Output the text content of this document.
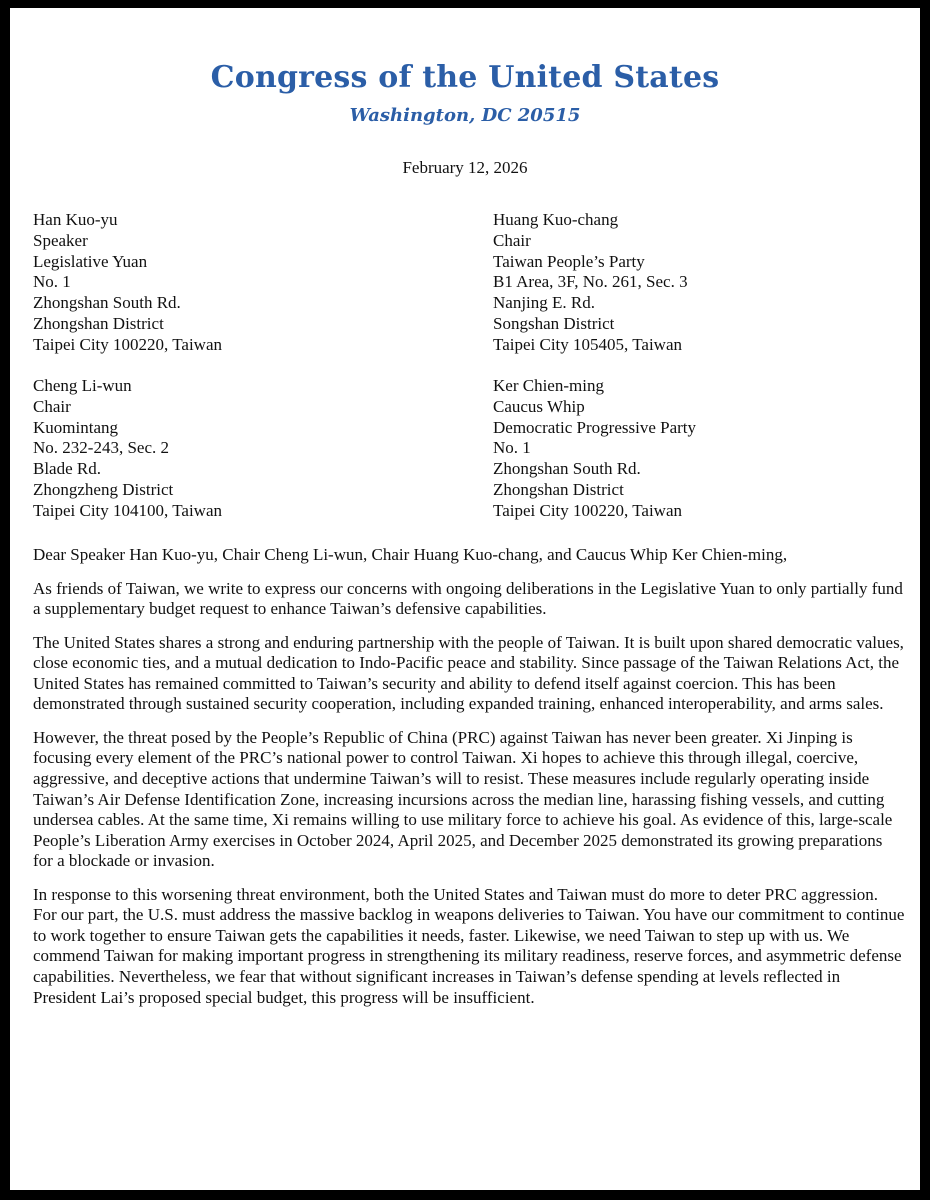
Congress of the United States
Washington, DC 20515
February 12, 2026
Han Kuo-yu
Speaker
Legislative Yuan
No. 1
Zhongshan South Rd.
Zhongshan District
Taipei City 100220, Taiwan
Huang Kuo-chang
Chair
Taiwan People’s Party
B1 Area, 3F, No. 261, Sec. 3
Nanjing E. Rd.
Songshan District
Taipei City 105405, Taiwan
Cheng Li-wun
Chair
Kuomintang
No. 232-243, Sec. 2
Blade Rd.
Zhongzheng District
Taipei City 104100, Taiwan
Ker Chien-ming
Caucus Whip
Democratic Progressive Party
No. 1
Zhongshan South Rd.
Zhongshan District
Taipei City 100220, Taiwan

Dear Speaker Han Kuo-yu, Chair Cheng Li-wun, Chair Huang Kuo-chang, and Caucus Whip Ker Chien-ming,

As friends of Taiwan, we write to express our concerns with ongoing deliberations in the Legislative Yuan to only partially fund a supplementary budget request to enhance Taiwan’s defensive capabilities.

The United States shares a strong and enduring partnership with the people of Taiwan. It is built upon shared democratic values, close economic ties, and a mutual dedication to Indo-Pacific peace and stability. Since passage of the Taiwan Relations Act, the United States has remained committed to Taiwan’s security and ability to defend itself against coercion. This has been demonstrated through sustained security cooperation, including expanded training, enhanced interoperability, and arms sales.

However, the threat posed by the People’s Republic of China (PRC) against Taiwan has never been greater. Xi Jinping is focusing every element of the PRC’s national power to control Taiwan. Xi hopes to achieve this through illegal, coercive, aggressive, and deceptive actions that undermine Taiwan’s will to resist. These measures include regularly operating inside Taiwan’s Air Defense Identification Zone, increasing incursions across the median line, harassing fishing vessels, and cutting undersea cables. At the same time, Xi remains willing to use military force to achieve his goal. As evidence of this, large-scale People’s Liberation Army exercises in October 2024, April 2025, and December 2025 demonstrated its growing preparations for a blockade or invasion.

In response to this worsening threat environment, both the United States and Taiwan must do more to deter PRC aggression. For our part, the U.S. must address the massive backlog in weapons deliveries to Taiwan. You have our commitment to continue to work together to ensure Taiwan gets the capabilities it needs, faster. Likewise, we need Taiwan to step up with us. We commend Taiwan for making important progress in strengthening its military readiness, reserve forces, and asymmetric defense capabilities. Nevertheless, we fear that without significant increases in Taiwan’s defense spending at levels reflected in President Lai’s proposed special budget, this progress will be insufficient.
